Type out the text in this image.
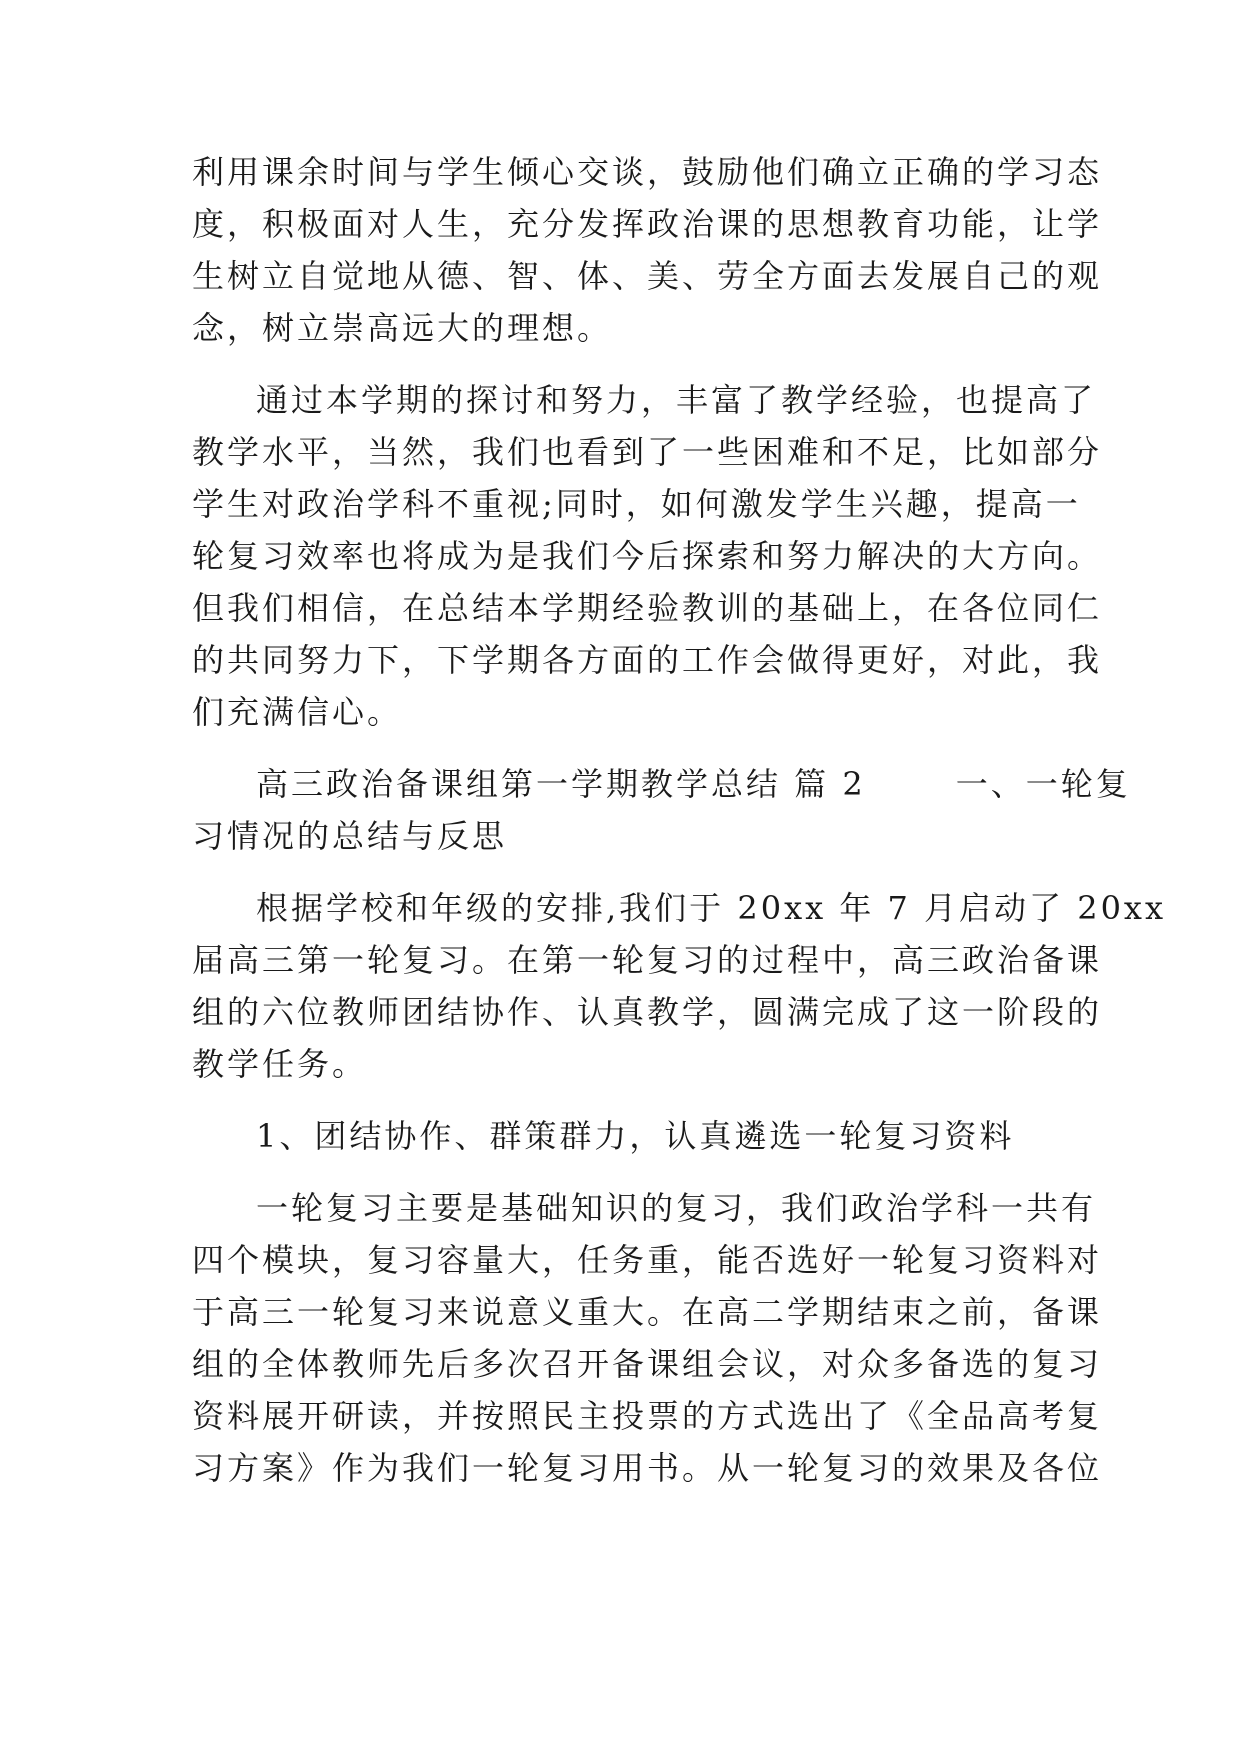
利用课余时间与学生倾心交谈，鼓励他们确立正确的学习态
度，积极面对人生，充分发挥政治课的思想教育功能，让学
生树立自觉地从德、智、体、美、劳全方面去发展自己的观
念，树立崇高远大的理想。
通过本学期的探讨和努力，丰富了教学经验，也提高了
教学水平，当然，我们也看到了一些困难和不足，比如部分
学生对政治学科不重视;同时，如何激发学生兴趣，提高一
轮复习效率也将成为是我们今后探索和努力解决的大方向。
但我们相信，在总结本学期经验教训的基础上，在各位同仁
的共同努力下，下学期各方面的工作会做得更好，对此，我
们充满信心。
高三政治备课组第一学期教学总结 篇 2	一、一轮复
习情况的总结与反思
根据学校和年级的安排,我们于 20xx 年 7 月启动了 20xx
届高三第一轮复习。在第一轮复习的过程中，高三政治备课
组的六位教师团结协作、认真教学，圆满完成了这一阶段的
教学任务。
1、团结协作、群策群力，认真遴选一轮复习资料
一轮复习主要是基础知识的复习，我们政治学科一共有
四个模块，复习容量大，任务重，能否选好一轮复习资料对
于高三一轮复习来说意义重大。在高二学期结束之前，备课
组的全体教师先后多次召开备课组会议，对众多备选的复习
资料展开研读，并按照民主投票的方式选出了《全品高考复
习方案》作为我们一轮复习用书。从一轮复习的效果及各位
